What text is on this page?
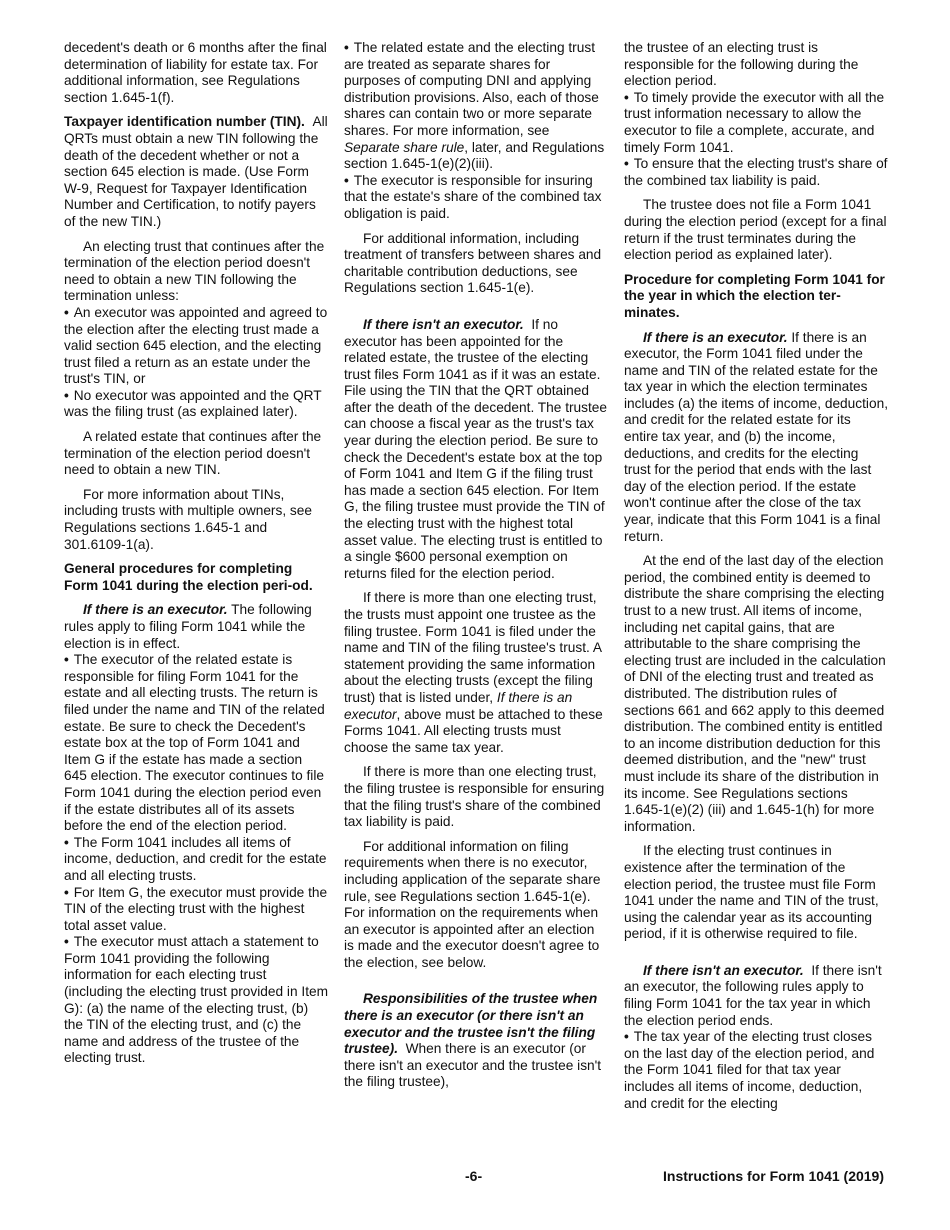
decedent's death or 6 months after the final determination of liability for estate tax. For additional information, see Regulations section 1.645-1(f).

Taxpayer identification number (TIN). All QRTs must obtain a new TIN following the death of the decedent whether or not a section 645 election is made. (Use Form W-9, Request for Taxpayer Identification Number and Certification, to notify payers of the new TIN.)

An electing trust that continues after the termination of the election period doesn't need to obtain a new TIN following the termination unless:

• An executor was appointed and agreed to the election after the electing trust made a valid section 645 election, and the electing trust filed a return as an estate under the trust's TIN, or
• No executor was appointed and the QRT was the filing trust (as explained later).

A related estate that continues after the termination of the election period doesn't need to obtain a new TIN.

For more information about TINs, including trusts with multiple owners, see Regulations sections 1.645-1 and 301.6109-1(a).

General procedures for completing Form 1041 during the election peri-od.

If there is an executor. The following rules apply to filing Form 1041 while the election is in effect.

• The executor of the related estate is responsible for filing Form 1041 for the estate and all electing trusts. The return is filed under the name and TIN of the related estate. Be sure to check the Decedent's estate box at the top of Form 1041 and Item G if the estate has made a section 645 election. The executor continues to file Form 1041 during the election period even if the estate distributes all of its assets before the end of the election period.
• The Form 1041 includes all items of income, deduction, and credit for the estate and all electing trusts.
• For Item G, the executor must provide the TIN of the electing trust with the highest total asset value.
• The executor must attach a statement to Form 1041 providing the following information for each electing trust (including the electing trust provided in Item G): (a) the name of the electing trust, (b) the TIN of the electing trust, and (c) the name and address of the trustee of the electing trust.
• The related estate and the electing trust are treated as separate shares for purposes of computing DNI and applying distribution provisions. Also, each of those shares can contain two or more separate shares. For more information, see Separate share rule, later, and Regulations section 1.645-1(e)(2)(iii).
• The executor is responsible for insuring that the estate's share of the combined tax obligation is paid.

For additional information, including treatment of transfers between shares and charitable contribution deductions, see Regulations section 1.645-1(e).

If there isn't an executor. If no executor has been appointed for the related estate, the trustee of the electing trust files Form 1041 as if it was an estate. File using the TIN that the QRT obtained after the death of the decedent. The trustee can choose a fiscal year as the trust's tax year during the election period. Be sure to check the Decedent's estate box at the top of Form 1041 and Item G if the filing trust has made a section 645 election. For Item G, the filing trustee must provide the TIN of the electing trust with the highest total asset value. The electing trust is entitled to a single $600 personal exemption on returns filed for the election period.

If there is more than one electing trust, the trusts must appoint one trustee as the filing trustee. Form 1041 is filed under the name and TIN of the filing trustee's trust. A statement providing the same information about the electing trusts (except the filing trust) that is listed under, If there is an executor, above must be attached to these Forms 1041. All electing trusts must choose the same tax year.

If there is more than one electing trust, the filing trustee is responsible for ensuring that the filing trust's share of the combined tax liability is paid.

For additional information on filing requirements when there is no executor, including application of the separate share rule, see Regulations section 1.645-1(e). For information on the requirements when an executor is appointed after an election is made and the executor doesn't agree to the election, see below.

Responsibilities of the trustee when there is an executor (or there isn't an executor and the trustee isn't the filing trustee). When there is an executor (or there isn't an executor and the trustee isn't the filing trustee),

the trustee of an electing trust is responsible for the following during the election period.

• To timely provide the executor with all the trust information necessary to allow the executor to file a complete, accurate, and timely Form 1041.
• To ensure that the electing trust's share of the combined tax liability is paid.

The trustee does not file a Form 1041 during the election period (except for a final return if the trust terminates during the election period as explained later).

Procedure for completing Form 1041 for the year in which the election ter-minates.

If there is an executor. If there is an executor, the Form 1041 filed under the name and TIN of the related estate for the tax year in which the election terminates includes (a) the items of income, deduction, and credit for the related estate for its entire tax year, and (b) the income, deductions, and credits for the electing trust for the period that ends with the last day of the election period. If the estate won't continue after the close of the tax year, indicate that this Form 1041 is a final return.

At the end of the last day of the election period, the combined entity is deemed to distribute the share comprising the electing trust to a new trust. All items of income, including net capital gains, that are attributable to the share comprising the electing trust are included in the calculation of DNI of the electing trust and treated as distributed. The distribution rules of sections 661 and 662 apply to this deemed distribution. The combined entity is entitled to an income distribution deduction for this deemed distribution, and the "new" trust must include its share of the distribution in its income. See Regulations sections 1.645-1(e)(2) (iii) and 1.645-1(h) for more information.

If the electing trust continues in existence after the termination of the election period, the trustee must file Form 1041 under the name and TIN of the trust, using the calendar year as its accounting period, if it is otherwise required to file.

If there isn't an executor. If there isn't an executor, the following rules apply to filing Form 1041 for the tax year in which the election period ends.

• The tax year of the electing trust closes on the last day of the election period, and the Form 1041 filed for that tax year includes all items of income, deduction, and credit for the electing
-6-	Instructions for Form 1041 (2019)
